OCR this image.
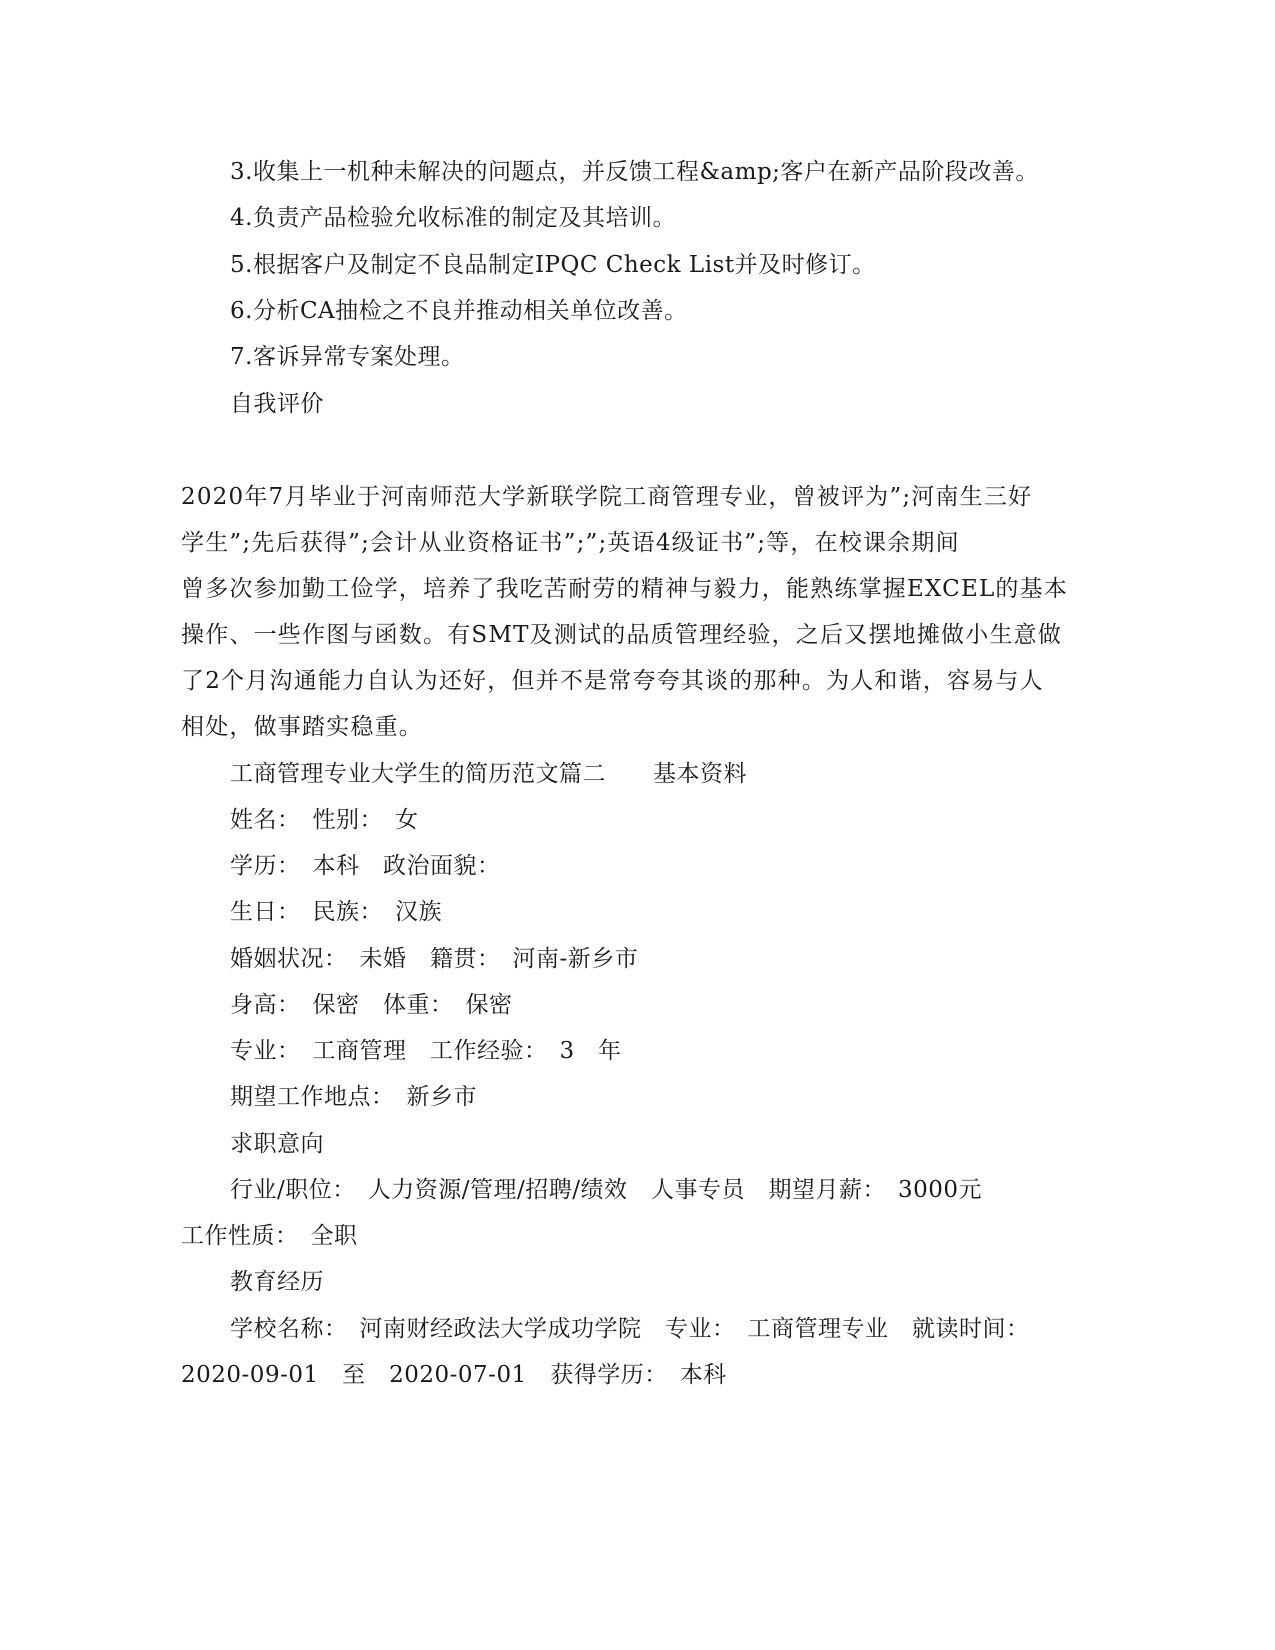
3.收集上一机种未解决的问题点，并反馈工程&amp;客户在新产品阶段改善。
4.负责产品检验允收标准的制定及其培训。
5.根据客户及制定不良品制定IPQC Check List并及时修订。
6.分析CA抽检之不良并推动相关单位改善。
7.客诉异常专案处理。
自我评价
2020年7月毕业于河南师范大学新联学院工商管理专业，曾被评为”;河南生三好
学生”;先后获得”;会计从业资格证书”;”;英语4级证书”;等，在校课余期间
曾多次参加勤工俭学，培养了我吃苦耐劳的精神与毅力，能熟练掌握EXCEL的基本
操作、一些作图与函数。有SMT及测试的品质管理经验，之后又摆地摊做小生意做
了2个月沟通能力自认为还好，但并不是常夸夸其谈的那种。为人和谐，容易与人
相处，做事踏实稳重。
工商管理专业大学生的简历范文篇二　　基本资料
姓名：　性别：　女
学历：　本科　政治面貌：
生日：　民族：　汉族
婚姻状况：　未婚　籍贯：　河南-新乡市
身高：　保密　体重：　保密
专业：　工商管理　工作经验：　3　年
期望工作地点：　新乡市
求职意向
行业/职位：　人力资源/管理/招聘/绩效　人事专员　期望月薪：　3000元
工作性质：　全职
教育经历
学校名称：　河南财经政法大学成功学院　专业：　工商管理专业　就读时间：
2020-09-01　至　2020-07-01　获得学历：　本科
